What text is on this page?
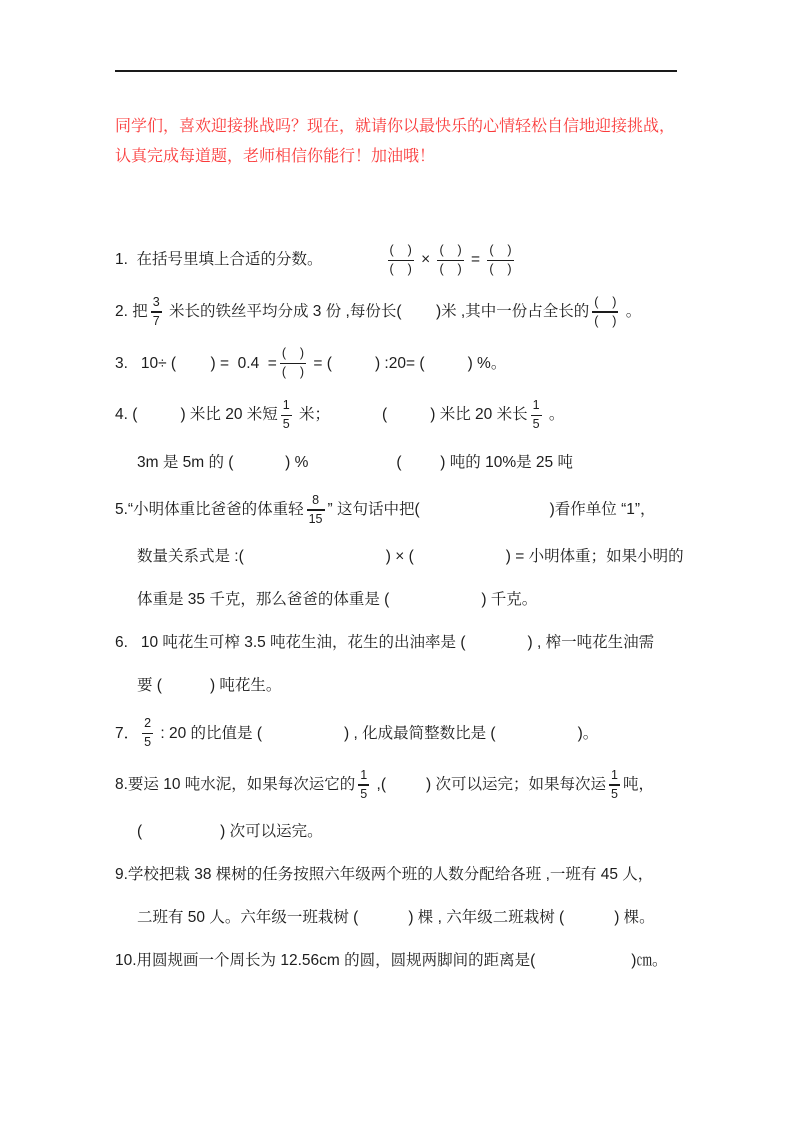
同学们，喜欢迎接挑战吗？现在，就请你以最快乐的心情轻松自信地迎接挑战，认真完成每道题，老师相信你能行！加油哦！

1.  在括号里填上合适的分数。	$\frac{( )}{( )} \times \frac{( )}{( )} = \frac{( )}{( )}$
2. 把 $\frac{3}{7}$ 米长的铁丝平均分成 3 份 ,每份长(        )米 ,其中一份占全长的 $\frac{( )}{( )}$ 。
3.   10÷ (        ) =  $0.4 = \frac{( )}{( )}$ = (          ) :20= (          ) %。
4. (          ) 米比 20 米短 $\frac{1}{5}$ 米；	(          ) 米比 20 米长 $\frac{1}{5}$ 。
3m 是 5m 的 (            ) %	(         ) 吨的 10%是 25 吨
5.“小明体重比爸爸的体重轻 $\frac{8}{15}$ ” 这句话中把(	)看作单位 “1”，
数量关系式是 :(	) × (	) = 小明体重；如果小明的
体重是 35 千克，那么爸爸的体重是 (	) 千克。
6.   10 吨花生可榨 3.5 吨花生油，花生的出油率是 (	) , 榨一吨花生油需
要 (	) 吨花生。
7． $\frac{2}{5}$ : 20 的比值是 (	) , 化成最简整数比是 (	)。
8.要运 10 吨水泥，如果每次运它的 $\frac{1}{5}$ ,(	) 次可以运完；如果每次运 $\frac{1}{5}$ 吨，
(	) 次可以运完。
9.学校把栽 38 棵树的任务按照六年级两个班的人数分配给各班 ,一班有 45 人，
二班有 50 人。六年级一班栽树 (	) 棵 , 六年级二班栽树 (	) 棵。
10.用圆规画一个周长为 12.56cm 的圆，圆规两脚间的距离是(	)㎝。
